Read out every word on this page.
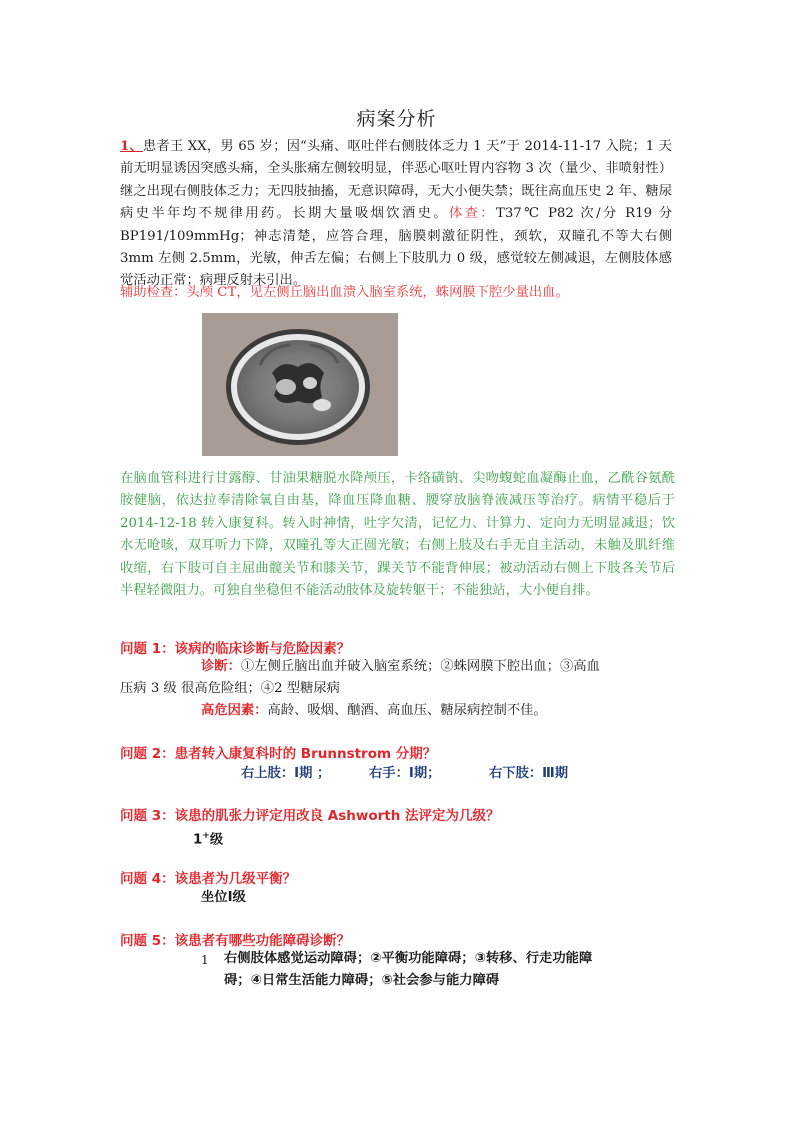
病案分析

1、患者王 XX，男 65 岁；因“头痛、呕吐伴右侧肢体乏力 1 天”于 2014-11-17 入院；1 天前无明显诱因突感头痛，全头胀痛左侧较明显，伴恶心呕吐胃内容物 3 次（量少、非喷射性） 继之出现右侧肢体乏力；无四肢抽搐，无意识障碍，无大小便失禁；既往高血压史 2 年、糖尿病史半年均不规律用药。长期大量吸烟饮酒史。体查：T37℃ P82 次/分 R19 分 BP191/109mmHg；神志清楚，应答合理，脑膜刺激征阴性，颈软，双瞳孔不等大右侧 3mm 左侧 2.5mm，光敏，伸舌左偏；右侧上下肢肌力 0 级，感觉较左侧减退，左侧肢体感觉活动正常；病理反射未引出。

辅助检查：头颅 CT，见左侧丘脑出血溃入脑室系统，蛛网膜下腔少量出血。
在脑血管科进行甘露醇、甘油果糖脱水降颅压，卡络磺钠、尖吻蝮蛇血凝酶止血，乙酰谷氨酰胺健脑，依达拉奉清除氧自由基，降血压降血糖、腰穿放脑脊液减压等治疗。病情平稳后于 2014-12-18 转入康复科。转入时神情，吐字欠清，记忆力、计算力、定向力无明显减退；饮水无呛咳，双耳听力下降，双瞳孔等大正圆光敏；右侧上肢及右手无自主活动，未触及肌纤维收缩，右下肢可自主屈曲髋关节和膝关节，踝关节不能背伸展；被动活动右侧上下肢各关节后半程轻微阻力。可独自坐稳但不能活动肢体及旋转躯干；不能独站，大小便自排。
问题 1：该病的临床诊断与危险因素？
诊断：①左侧丘脑出血并破入脑室系统；②蛛网膜下腔出血；③高血
压病 3 级 很高危险组；④2 型糖尿病
高危因素：高龄、吸烟、酗酒、高血压、糖尿病控制不佳。
问题 2：患者转入康复科时的 Brunnstrom 分期？
右上肢：Ⅰ期 ；	右手：Ⅰ期；	右下肢：Ⅲ期
问题 3：该患的肌张力评定用改良 Ashworth 法评定为几级？
1+级
问题 4：该患者为几级平衡？
坐位Ⅰ级
问题 5：该患者有哪些功能障碍诊断？
1 右侧肢体感觉运动障碍；②平衡功能障碍；③转移、行走功能障
碍；④日常生活能力障碍；⑤社会参与能力障碍
